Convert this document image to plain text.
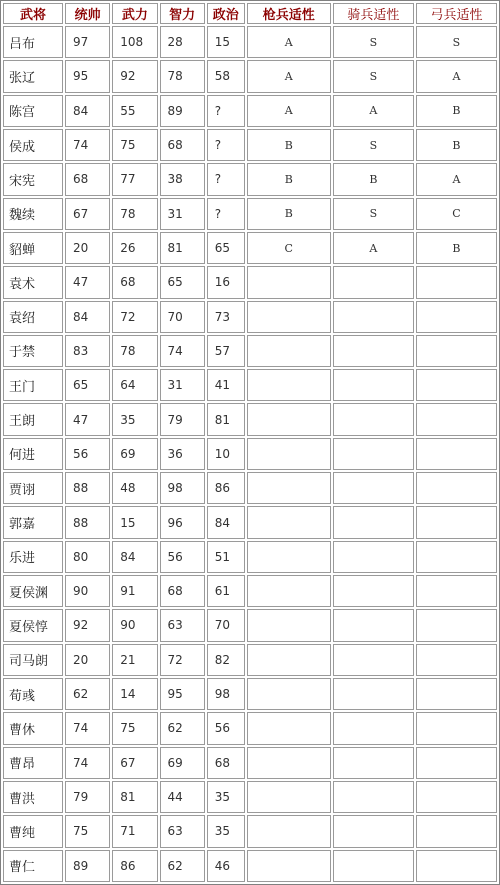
武将	统帅	武力	智力	政治	枪兵适性	骑兵适性	弓兵适性
吕布	97	108	28	15	A	S	S
张辽	95	92	78	58	A	S	A
陈宫	84	55	89	?	A	A	B
侯成	74	75	68	?	B	S	B
宋宪	68	77	38	?	B	B	A
魏续	67	78	31	?	B	S	C
貂蝉	20	26	81	65	C	A	B
袁术	47	68	65	16			
袁绍	84	72	70	73			
于禁	83	78	74	57			
王门	65	64	31	41			
王朗	47	35	79	81			
何进	56	69	36	10			
贾诩	88	48	98	86			
郭嘉	88	15	96	84			
乐进	80	84	56	51			
夏侯渊	90	91	68	61			
夏侯惇	92	90	63	70			
司马朗	20	21	72	82			
荀彧	62	14	95	98			
曹休	74	75	62	56			
曹昂	74	67	69	68			
曹洪	79	81	44	35			
曹纯	75	71	63	35			
曹仁	89	86	62	46			
